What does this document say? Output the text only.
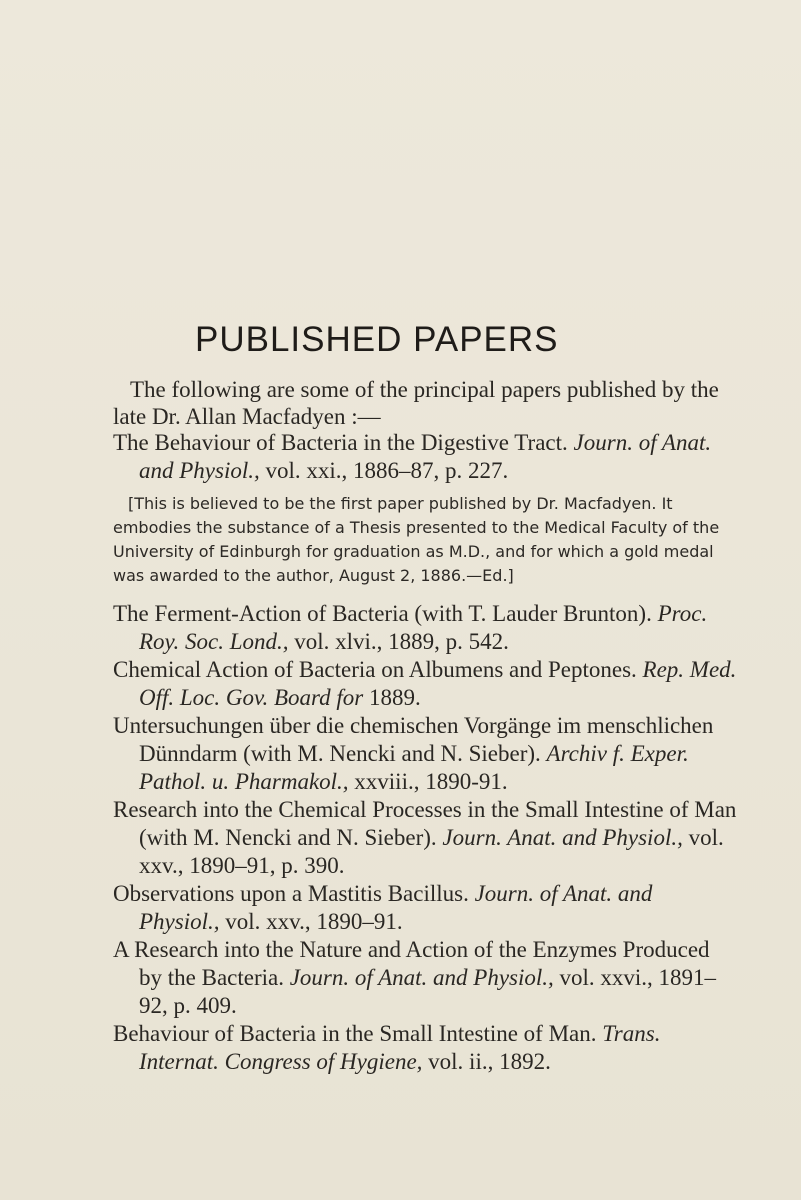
PUBLISHED PAPERS

The following are some of the principal papers published by the late Dr. Allan Macfadyen :—

The Behaviour of Bacteria in the Digestive Tract. Journ. of Anat. and Physiol., vol. xxi., 1886–87, p. 227.

[This is believed to be the first paper published by Dr. Macfadyen. It embodies the substance of a Thesis presented to the Medical Faculty of the University of Edinburgh for graduation as M.D., and for which a gold medal was awarded to the author, August 2, 1886.—Ed.]

The Ferment-Action of Bacteria (with T. Lauder Brunton). Proc. Roy. Soc. Lond., vol. xlvi., 1889, p. 542.

Chemical Action of Bacteria on Albumens and Peptones. Rep. Med. Off. Loc. Gov. Board for 1889.

Untersuchungen über die chemischen Vorgänge im menschlichen Dünndarm (with M. Nencki and N. Sieber). Archiv f. Exper. Pathol. u. Pharmakol., xxviii., 1890-91.

Research into the Chemical Processes in the Small Intestine of Man (with M. Nencki and N. Sieber). Journ. Anat. and Physiol., vol. xxv., 1890–91, p. 390.

Observations upon a Mastitis Bacillus. Journ. of Anat. and Physiol., vol. xxv., 1890–91.

A Research into the Nature and Action of the Enzymes Produced by the Bacteria. Journ. of Anat. and Physiol., vol. xxvi., 1891–92, p. 409.

Behaviour of Bacteria in the Small Intestine of Man. Trans. Internat. Congress of Hygiene, vol. ii., 1892.
